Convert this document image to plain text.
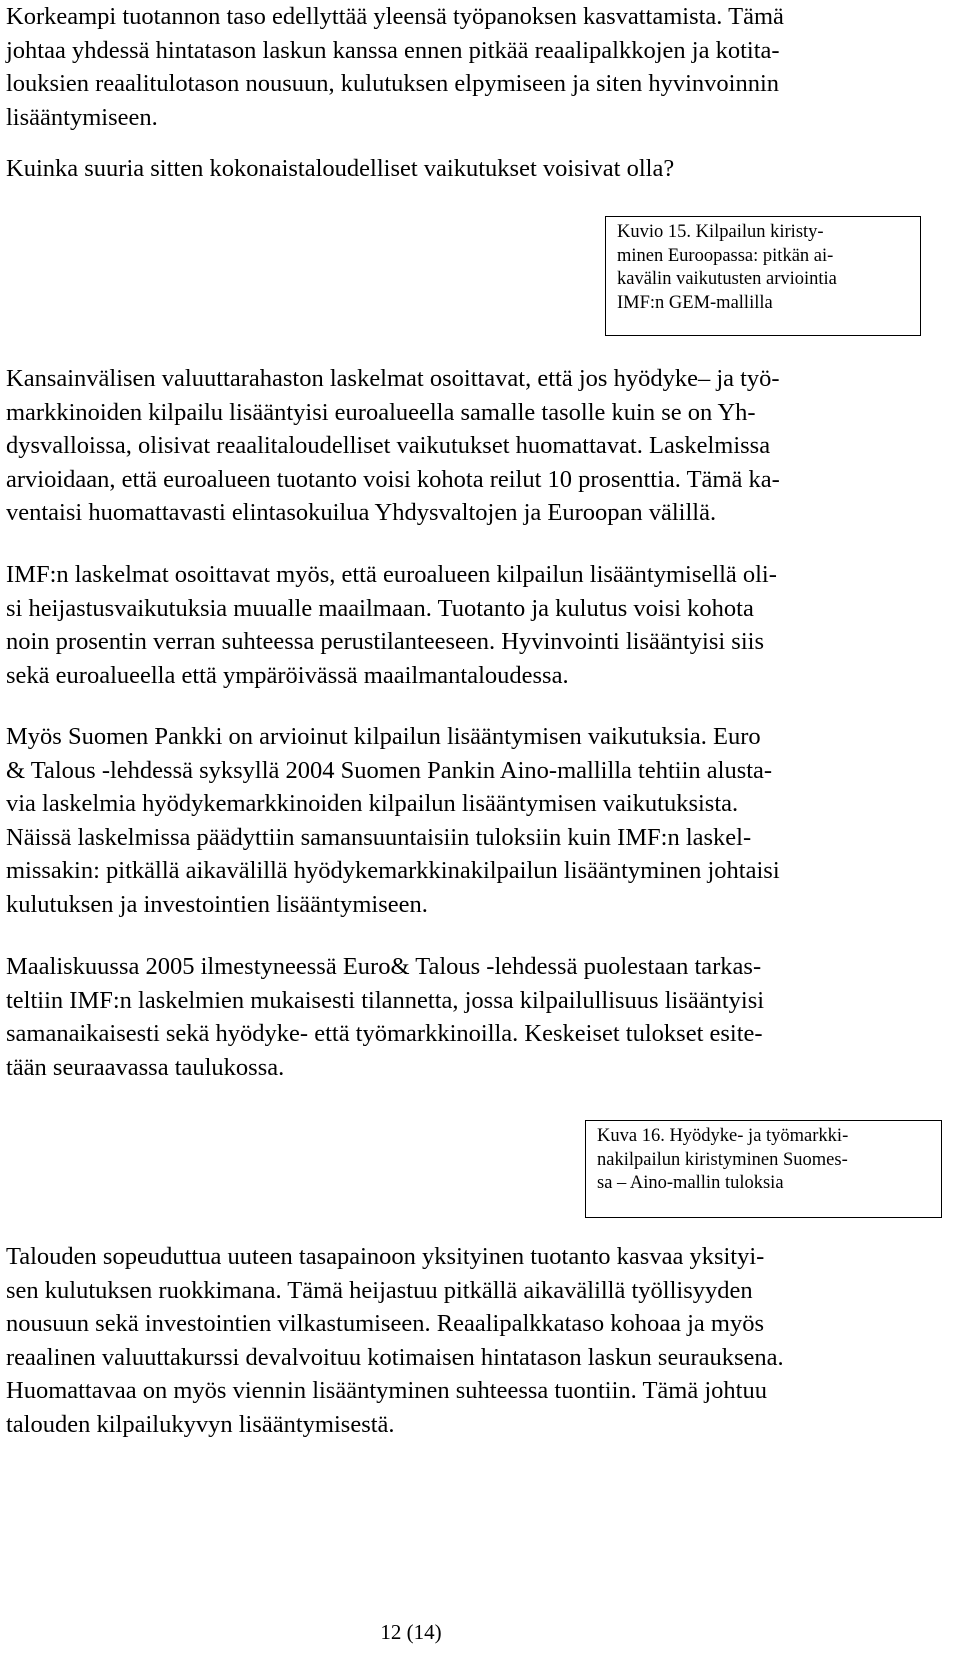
Korkeampi tuotannon taso edellyttää yleensä työpanoksen kasvattamista. Tämä
johtaa yhdessä hintatason laskun kanssa ennen pitkää reaalipalkkojen ja kotita-
louksien reaalitulotason nousuun, kulutuksen elpymiseen ja siten hyvinvoinnin
lisääntymiseen.

Kuinka suuria sitten kokonaistaloudelliset vaikutukset voisivat olla?

Kuvio 15. Kilpailun kiristy-
minen Euroopassa: pitkän ai-
kavälin vaikutusten arviointia
IMF:n GEM-mallilla

Kansainvälisen valuuttarahaston laskelmat osoittavat, että jos hyödyke– ja työ-
markkinoiden kilpailu lisääntyisi euroalueella samalle tasolle kuin se on Yh-
dysvalloissa, olisivat reaalitaloudelliset vaikutukset huomattavat. Laskelmissa
arvioidaan, että euroalueen tuotanto voisi kohota reilut 10 prosenttia. Tämä ka-
ventaisi huomattavasti elintasokuilua Yhdysvaltojen ja Euroopan välillä.

IMF:n laskelmat osoittavat myös, että euroalueen kilpailun lisääntymisellä oli-
si heijastusvaikutuksia muualle maailmaan. Tuotanto ja kulutus voisi kohota
noin prosentin verran suhteessa perustilanteeseen. Hyvinvointi lisääntyisi siis
sekä euroalueella että ympäröivässä maailmantaloudessa.

Myös Suomen Pankki on arvioinut kilpailun lisääntymisen vaikutuksia. Euro
& Talous -lehdessä syksyllä 2004 Suomen Pankin Aino-mallilla tehtiin alusta-
via laskelmia hyödykemarkkinoiden kilpailun lisääntymisen vaikutuksista.
Näissä laskelmissa päädyttiin samansuuntaisiin tuloksiin kuin IMF:n laskel-
missakin: pitkällä aikavälillä hyödykemarkkinakilpailun lisääntyminen johtaisi
kulutuksen ja investointien lisääntymiseen.

Maaliskuussa 2005 ilmestyneessä Euro& Talous -lehdessä puolestaan tarkas-
teltiin IMF:n laskelmien mukaisesti tilannetta, jossa kilpailullisuus lisääntyisi
samanaikaisesti sekä hyödyke- että työmarkkinoilla. Keskeiset tulokset esite-
tään seuraavassa taulukossa.

Kuva 16. Hyödyke- ja työmarkki-
nakilpailun kiristyminen Suomes-
sa – Aino-mallin tuloksia

Talouden sopeuduttua uuteen tasapainoon yksityinen tuotanto kasvaa yksityi-
sen kulutuksen ruokkimana. Tämä heijastuu pitkällä aikavälillä työllisyyden
nousuun sekä investointien vilkastumiseen. Reaalipalkkataso kohoaa ja myös
reaalinen valuuttakurssi devalvoituu kotimaisen hintatason laskun seurauksena.
Huomattavaa on myös viennin lisääntyminen suhteessa tuontiin. Tämä johtuu
talouden kilpailukyvyn lisääntymisestä.

12 (14)
